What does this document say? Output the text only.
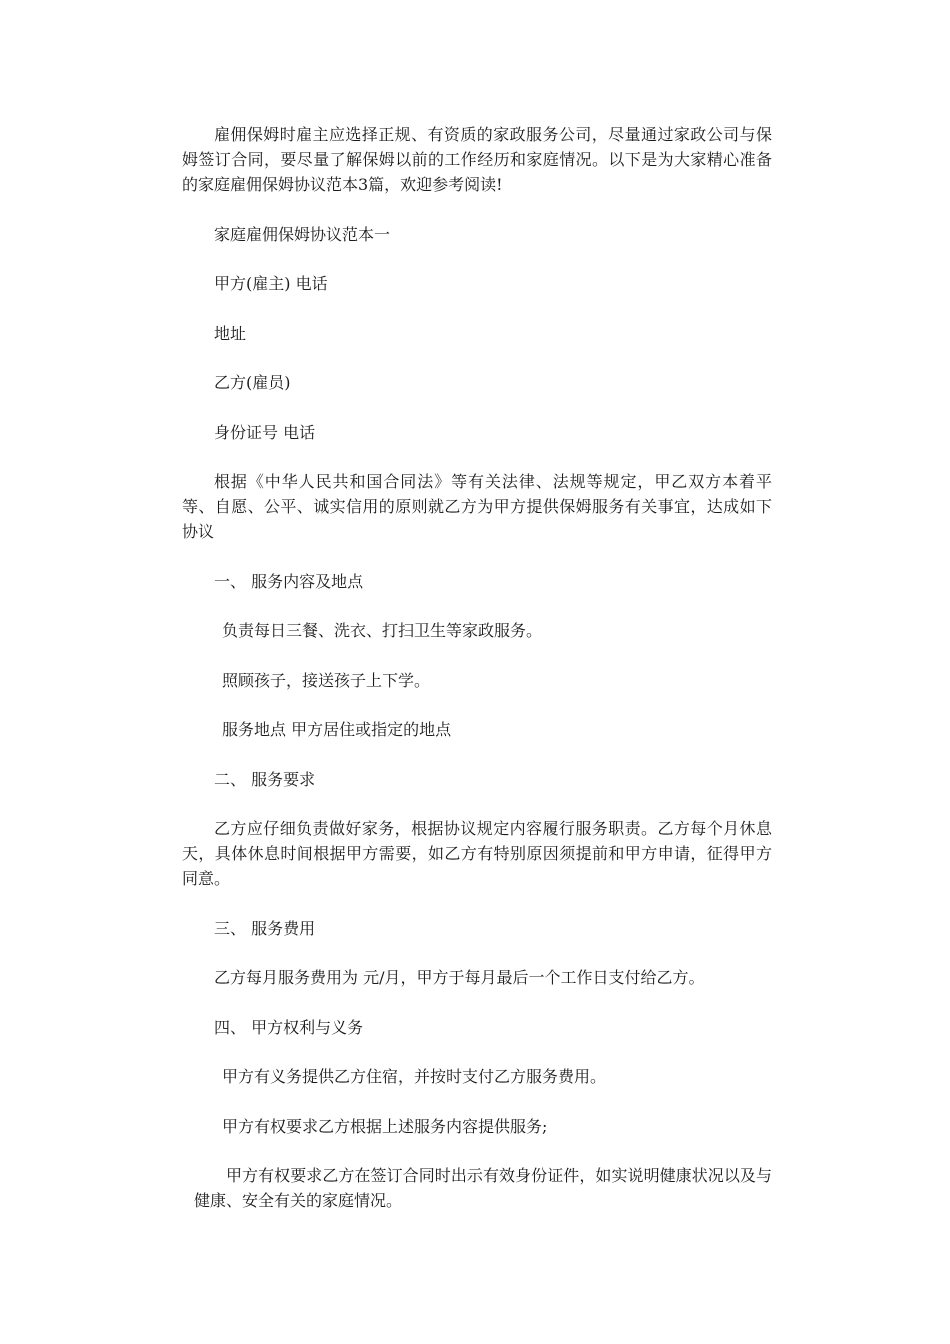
雇佣保姆时雇主应选择正规、有资质的家政服务公司，尽量通过家政公司与保姆签订合同，要尽量了解保姆以前的工作经历和家庭情况。以下是为大家精心准备的家庭雇佣保姆协议范本3篇，欢迎参考阅读!

家庭雇佣保姆协议范本一

甲方(雇主) 电话

地址

乙方(雇员)

身份证号 电话

根据《中华人民共和国合同法》等有关法律、法规等规定，甲乙双方本着平等、自愿、公平、诚实信用的原则就乙方为甲方提供保姆服务有关事宜，达成如下协议

一、 服务内容及地点

负责每日三餐、洗衣、打扫卫生等家政服务。

照顾孩子，接送孩子上下学。

服务地点 甲方居住或指定的地点

二、 服务要求

乙方应仔细负责做好家务，根据协议规定内容履行服务职责。乙方每个月休息 天，具体休息时间根据甲方需要，如乙方有特别原因须提前和甲方申请，征得甲方同意。

三、 服务费用

乙方每月服务费用为 元/月，甲方于每月最后一个工作日支付给乙方。

四、 甲方权利与义务

甲方有义务提供乙方住宿，并按时支付乙方服务费用。

甲方有权要求乙方根据上述服务内容提供服务;

甲方有权要求乙方在签订合同时出示有效身份证件，如实说明健康状况以及与健康、安全有关的家庭情况。
